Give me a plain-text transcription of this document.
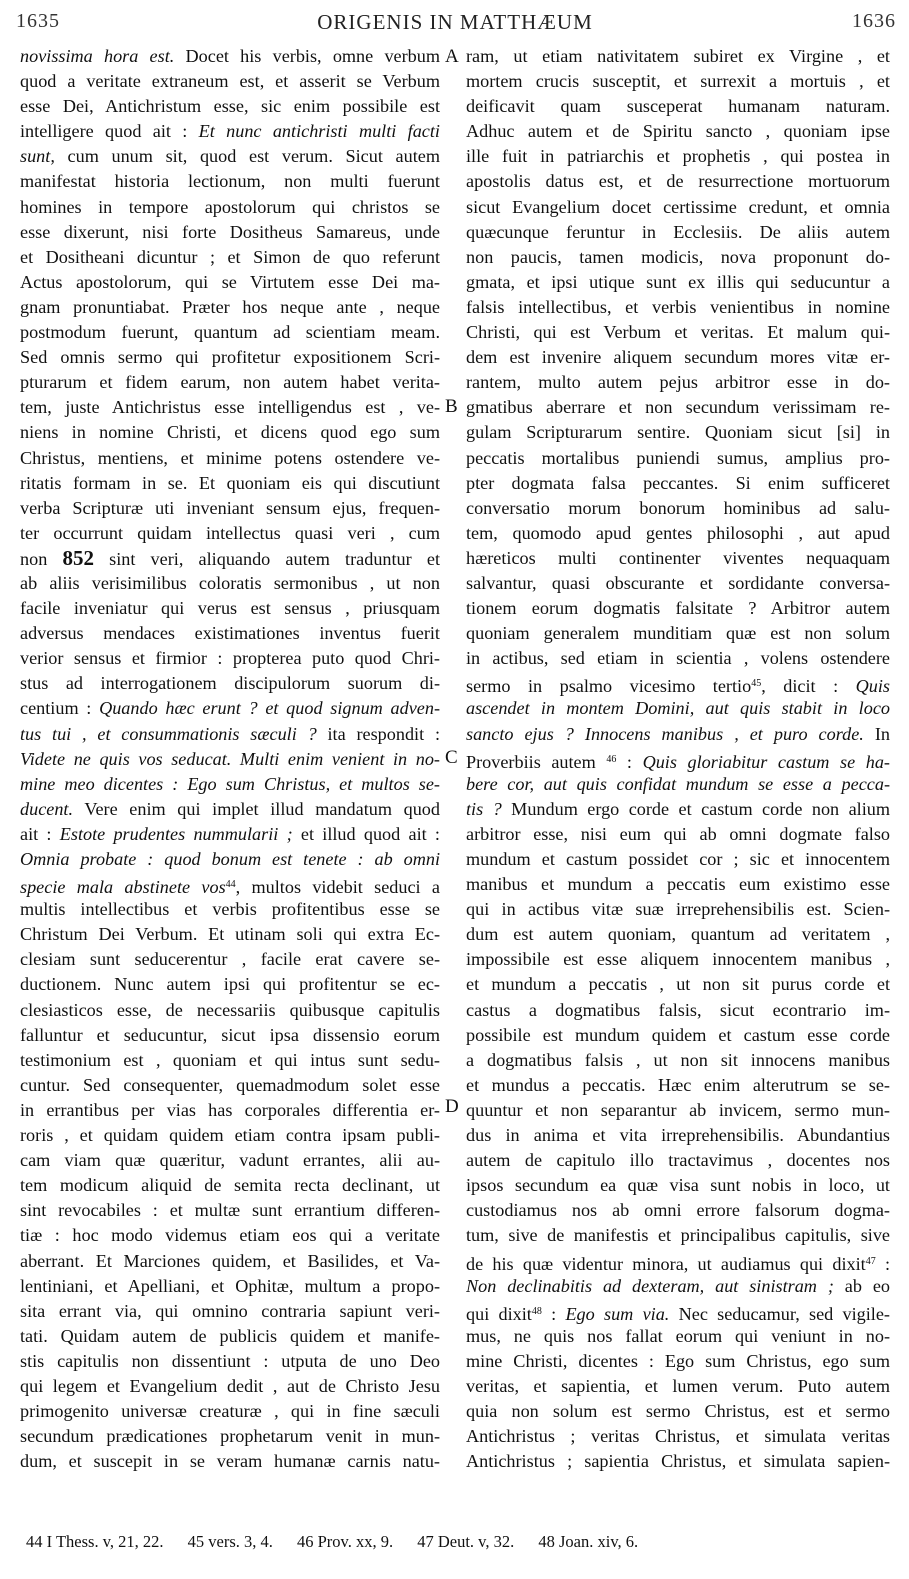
1635	ORIGENIS IN MATTHÆUM	1636
novissima hora est. Docet his verbis, omne verbum
quod a veritate extraneum est, et asserit se Verbum
esse Dei, Antichristum esse, sic enim possibile est
intelligere quod ait : Et nunc antichristi multi facti
sunt, cum unum sit, quod est verum. Sicut autem
manifestat historia lectionum, non multi fuerunt
homines in tempore apostolorum qui christos se
esse dixerunt, nisi forte Dositheus Samareus, unde
et Dositheani dicuntur ; et Simon de quo referunt
Actus apostolorum, qui se Virtutem esse Dei ma-
gnam pronuntiabat. Præter hos neque ante , neque
postmodum fuerunt, quantum ad scientiam meam.
Sed omnis sermo qui profitetur expositionem Scri-
pturarum et fidem earum, non autem habet verita-
tem, juste Antichristus esse intelligendus est , ve-
niens in nomine Christi, et dicens quod ego sum
Christus, mentiens, et minime potens ostendere ve-
ritatis formam in se. Et quoniam eis qui discutiunt
verba Scripturæ uti inveniant sensum ejus, frequen-
ter occurrunt quidam intellectus quasi veri , cum
non 852 sint veri, aliquando autem traduntur et
ab aliis verisimilibus coloratis sermonibus , ut non
facile inveniatur qui verus est sensus , priusquam
adversus mendaces existimationes inventus fuerit
verior sensus et firmior : propterea puto quod Chri-
stus ad interrogationem discipulorum suorum di-
centium : Quando hæc erunt ? et quod signum adven-
tus tui , et consummationis sæculi ? ita respondit :
Videte ne quis vos seducat. Multi enim venient in no-
mine meo dicentes : Ego sum Christus, et multos se-
ducent. Vere enim qui implet illud mandatum quod
ait : Estote prudentes nummularii ; et illud quod ait :
Omnia probate : quod bonum est tenete : ab omni
specie mala abstinete vos$^{44}$, multos videbit seduci a
multis intellectibus et verbis profitentibus esse se
Christum Dei Verbum. Et utinam soli qui extra Ec-
clesiam sunt seducerentur , facile erat cavere se-
ductionem. Nunc autem ipsi qui profitentur se ec-
clesiasticos esse, de necessariis quibusque capitulis
falluntur et seducuntur, sicut ipsa dissensio eorum
testimonium est , quoniam et qui intus sunt sedu-
cuntur. Sed consequenter, quemadmodum solet esse
in errantibus per vias has corporales differentia er-
roris , et quidam quidem etiam contra ipsam publi-
cam viam quæ quæritur, vadunt errantes, alii au-
tem modicum aliquid de semita recta declinant, ut
sint revocabiles : et multæ sunt errantium differen-
tiæ : hoc modo videmus etiam eos qui a veritate
aberrant. Et Marciones quidem, et Basilides, et Va-
lentiniani, et Apelliani, et Ophitæ, multum a propo-
sita errant via, qui omnino contraria sapiunt veri-
tati. Quidam autem de publicis quidem et manife-
stis capitulis non dissentiunt : utputa de uno Deo
qui legem et Evangelium dedit , aut de Christo Jesu
primogenito universæ creaturæ , qui in fine sæculi
secundum prædicationes prophetarum venit in mun-
dum, et suscepit in se veram humanæ carnis natu-
ram, ut etiam nativitatem subiret ex Virgine , et
mortem crucis susceptit, et surrexit a mortuis , et
deificavit quam susceperat humanam naturam.
Adhuc autem et de Spiritu sancto , quoniam ipse
ille fuit in patriarchis et prophetis , qui postea in
apostolis datus est, et de resurrectione mortuorum
sicut Evangelium docet certissime credunt, et omnia
quæcunque feruntur in Ecclesiis. De aliis autem
non paucis, tamen modicis, nova proponunt do-
gmata, et ipsi utique sunt ex illis qui seducuntur a
falsis intellectibus, et verbis venientibus in nomine
Christi, qui est Verbum et veritas. Et malum qui-
dem est invenire aliquem secundum mores vitæ er-
rantem, multo autem pejus arbitror esse in do-
gmatibus aberrare et non secundum verissimam re-
gulam Scripturarum sentire. Quoniam sicut [si] in
peccatis mortalibus puniendi sumus, amplius pro-
pter dogmata falsa peccantes. Si enim sufficeret
conversatio morum bonorum hominibus ad salu-
tem, quomodo apud gentes philosophi , aut apud
hæreticos multi continenter viventes nequaquam
salvantur, quasi obscurante et sordidante conversa-
tionem eorum dogmatis falsitate ? Arbitror autem
quoniam generalem munditiam quæ est non solum
in actibus, sed etiam in scientia , volens ostendere
sermo in psalmo vicesimo tertio$^{45}$, dicit : Quis
ascendet in montem Domini, aut quis stabit in loco
sancto ejus ? Innocens manibus , et puro corde. In
Proverbiis autem $^{46}$ : Quis gloriabitur castum se ha-
bere cor, aut quis confidat mundum se esse a pecca-
tis ? Mundum ergo corde et castum corde non alium
arbitror esse, nisi eum qui ab omni dogmate falso
mundum et castum possidet cor ; sic et innocentem
manibus et mundum a peccatis eum existimo esse
qui in actibus vitæ suæ irreprehensibilis est. Scien-
dum est autem quoniam, quantum ad veritatem ,
impossibile est esse aliquem innocentem manibus ,
et mundum a peccatis , ut non sit purus corde et
castus a dogmatibus falsis, sicut econtrario im-
possibile est mundum quidem et castum esse corde
a dogmatibus falsis , ut non sit innocens manibus
et mundus a peccatis. Hæc enim alterutrum se se-
quuntur et non separantur ab invicem, sermo mun-
dus in anima et vita irreprehensibilis. Abundantius
autem de capitulo illo tractavimus , docentes nos
ipsos secundum ea quæ visa sunt nobis in loco, ut
custodiamus nos ab omni errore falsorum dogma-
tum, sive de manifestis et principalibus capitulis, sive
de his quæ videntur minora, ut audiamus qui dixit$^{47}$ :
Non declinabitis ad dexteram, aut sinistram ; ab eo
qui dixit$^{48}$ : Ego sum via. Nec seducamur, sed vigile-
mus, ne quis nos fallat eorum qui veniunt in no-
mine Christi, dicentes : Ego sum Christus, ego sum
veritas, et sapientia, et lumen verum. Puto autem
quia non solum est sermo Christus, est et sermo
Antichristus ; veritas Christus, et simulata veritas
Antichristus ; sapientia Christus, et simulata sapien-
A
B
C
D
44 I Thess. v, 21, 22. 45 vers. 3, 4. 46 Prov. xx, 9. 47 Deut. v, 32. 48 Joan. xiv, 6.
